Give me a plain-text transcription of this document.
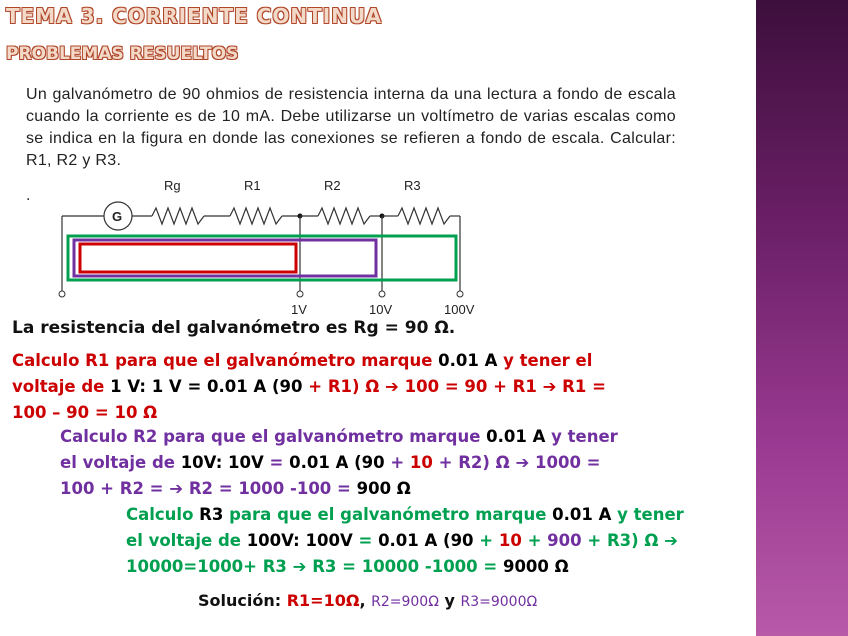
TEMA 3. CORRIENTE CONTINUA
PROBLEMAS RESUELTOS
Un galvanómetro de 90 ohmios de resistencia interna da una lectura a fondo de escala cuando la corriente es de 10 mA. Debe utilizarse un voltímetro de varias escalas como se indica en la figura en donde las conexiones se refieren a fondo de escala. Calcular: R1, R2 y R3.
.
Rg	R1	R2	R3
G
1V	10V	100V
La resistencia del galvanómetro es Rg = 90 Ω.
Calculo R1 para que el galvanómetro marque 0.01 A y tener el voltaje de 1 V: 1 V = 0.01 A (90 + R1) Ω ➔ 100 = 90 + R1 ➔ R1 = 100 – 90 = 10 Ω
Calculo R2 para que el galvanómetro marque 0.01 A y tener el voltaje de 10V: 10V = 0.01 A (90 + 10 + R2) Ω ➔ 1000 = 100 + R2 = ➔ R2 = 1000 -100 = 900 Ω
Calculo R3 para que el galvanómetro marque 0.01 A y tener el voltaje de 100V: 100V = 0.01 A (90 + 10 + 900 + R3) Ω ➔ 10000=1000+ R3 ➔ R3 = 10000 -1000 = 9000 Ω
Solución: R1=10Ω, R2=900Ω y R3=9000Ω
